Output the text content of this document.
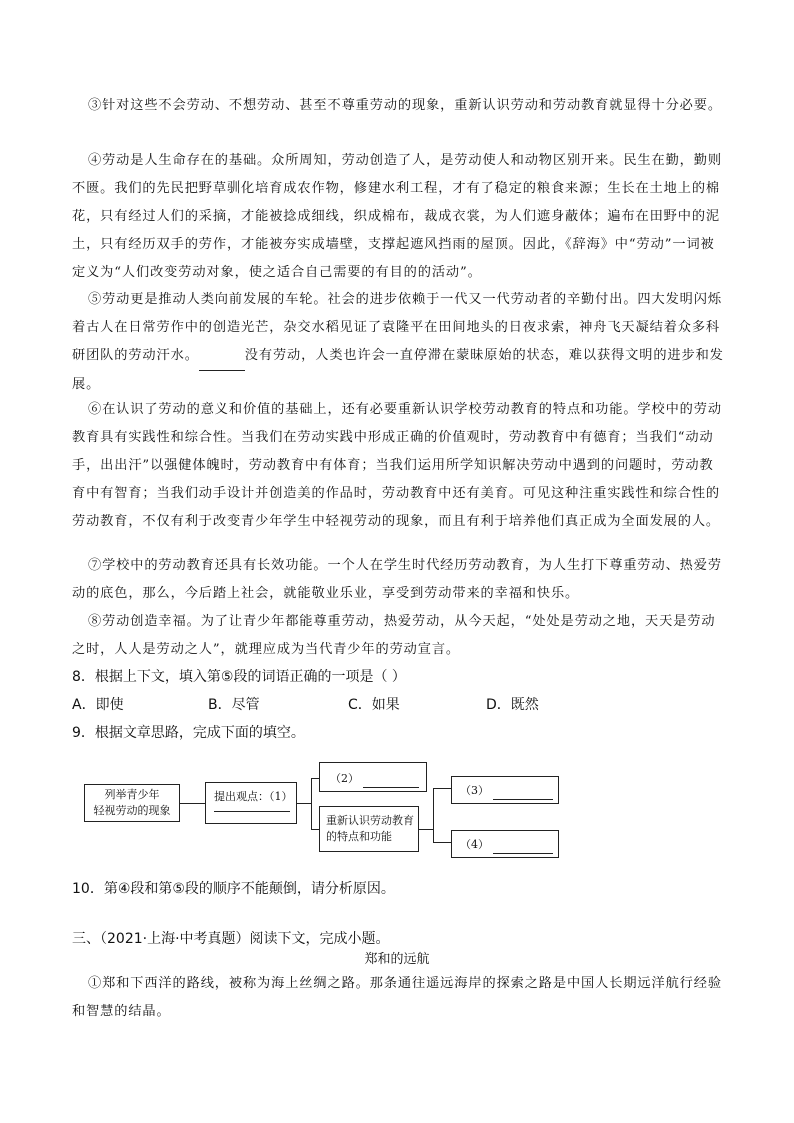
③针对这些不会劳动、不想劳动、甚至不尊重劳动的现象，重新认识劳动和劳动教育就显得十分必要。

④劳动是人生命存在的基础。众所周知，劳动创造了人，是劳动使人和动物区别开来。民生在勤，勤则不匮。我们的先民把野草驯化培育成农作物，修建水利工程，才有了稳定的粮食来源；生长在土地上的棉花，只有经过人们的采摘，才能被捻成细线，织成棉布，裁成衣裳，为人们遮身蔽体；遍布在田野中的泥土，只有经历双手的劳作，才能被夯实成墙壁，支撑起遮风挡雨的屋顶。因此，《辞海》中“劳动”一词被定义为“人们改变劳动对象，使之适合自己需要的有目的的活动”。

⑤劳动更是推动人类向前发展的车轮。社会的进步依赖于一代又一代劳动者的辛勤付出。四大发明闪烁着古人在日常劳作中的创造光芒，杂交水稻见证了袁隆平在田间地头的日夜求索，神舟飞天凝结着众多科研团队的劳动汗水。	没有劳动，人类也许会一直停滞在蒙昧原始的状态，难以获得文明的进步和发展。

⑥在认识了劳动的意义和价值的基础上，还有必要重新认识学校劳动教育的特点和功能。学校中的劳动教育具有实践性和综合性。当我们在劳动实践中形成正确的价值观时，劳动教育中有德育；当我们“动动手，出出汗”以强健体魄时，劳动教育中有体育；当我们运用所学知识解决劳动中遇到的问题时，劳动教育中有智育；当我们动手设计并创造美的作品时，劳动教育中还有美育。可见这种注重实践性和综合性的劳动教育，不仅有利于改变青少年学生中轻视劳动的现象，而且有利于培养他们真正成为全面发展的人。

⑦学校中的劳动教育还具有长效功能。一个人在学生时代经历劳动教育，为人生打下尊重劳动、热爱劳动的底色，那么，今后踏上社会，就能敬业乐业，享受到劳动带来的幸福和快乐。

⑧劳动创造幸福。为了让青少年都能尊重劳动，热爱劳动，从今天起，“处处是劳动之地，天天是劳动之时，人人是劳动之人”，就理应成为当代青少年的劳动宣言。

8．根据上下文，填入第⑤段的词语正确的一项是（ ）

A．即使	B．尽管	C．如果	D．既然

9．根据文章思路，完成下面的填空。

列举青少年
轻视劳动的现象
提出观点：（1）
（2）
重新认识劳动教育
的特点和功能
（3）
（4）

10．第④段和第⑤段的顺序不能颠倒，请分析原因。

三、（2021·上海·中考真题）阅读下文，完成小题。

郑和的远航

①郑和下西洋的路线，被称为海上丝绸之路。那条通往遥远海岸的探索之路是中国人长期远洋航行经验和智慧的结晶。
